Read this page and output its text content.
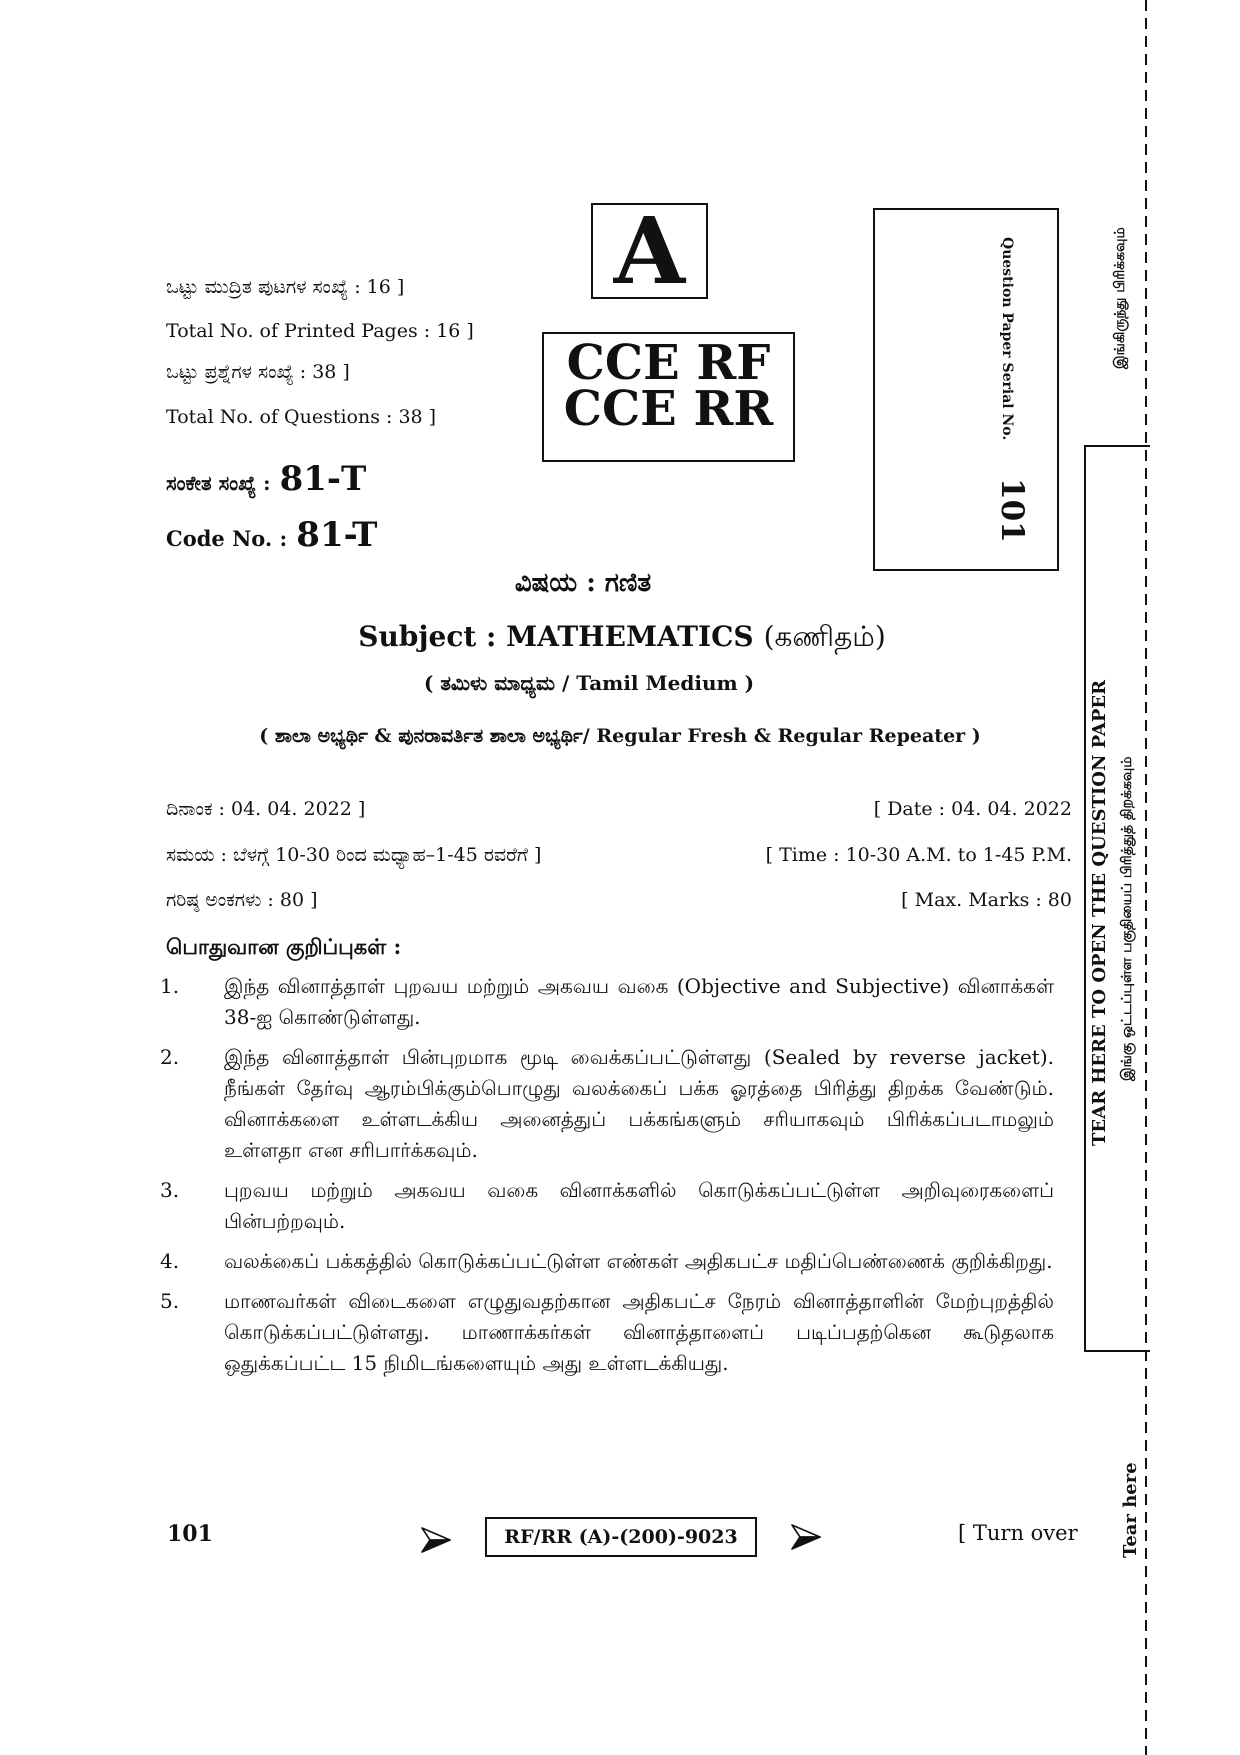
ಒಟ್ಟು ಮುದ್ರಿತ ಪುಟಗಳ ಸಂಖ್ಯೆ : 16 ]
Total No. of Printed Pages : 16 ]
ಒಟ್ಟು ಪ್ರಶ್ನೆಗಳ ಸಂಖ್ಯೆ : 38 ]
Total No. of Questions : 38 ]
ಸಂಕೇತ ಸಂಖ್ಯೆ : 81-T
Code No. : 81-T
A
CCE RF
CCE RR	Question Paper Serial No.
101
ವಿಷಯ : ಗಣಿತ
Subject : MATHEMATICS (கணிதம்)
( ತಮಿಳು ಮಾಧ್ಯಮ / Tamil Medium )
( ಶಾಲಾ ಅಭ್ಯರ್ಥಿ & ಪುನರಾವರ್ತಿತ ಶಾಲಾ ಅಭ್ಯರ್ಥಿ/ Regular Fresh & Regular Repeater )
ದಿನಾಂಕ : 04. 04. 2022 ]	[ Date : 04. 04. 2022
ಸಮಯ : ಬೆಳಗ್ಗೆ 10-30 ರಿಂದ ಮಧ್ಯಾಹ–1-45 ರವರೆಗೆ ]	[ Time : 10-30 A.M. to 1-45 P.M.
ಗರಿಷ್ಠ ಅಂಕಗಳು : 80 ]	[ Max. Marks : 80
பொதுவான குறிப்புகள் :
1.	இந்த வினாத்தாள் புறவய மற்றும் அகவய வகை (Objective and Subjective) வினாக்கள் 38-ஐ கொண்டுள்ளது.
2.	இந்த வினாத்தாள் பின்புறமாக மூடி வைக்கப்பட்டுள்ளது (Sealed by reverse jacket). நீங்கள் தேர்வு ஆரம்பிக்கும்பொழுது வலக்கைப் பக்க ஓரத்தை பிரித்து திறக்க வேண்டும். வினாக்களை உள்ளடக்கிய அனைத்துப் பக்கங்களும் சரியாகவும் பிரிக்கப்படாமலும் உள்ளதா என சரிபார்க்கவும்.
3.	புறவய மற்றும் அகவய வகை வினாக்களில் கொடுக்கப்பட்டுள்ள அறிவுரைகளைப் பின்பற்றவும்.
4.	வலக்கைப் பக்கத்தில் கொடுக்கப்பட்டுள்ள எண்கள் அதிகபட்ச மதிப்பெண்ணைக் குறிக்கிறது.
5.	மாணவர்கள் விடைகளை எழுதுவதற்கான அதிகபட்ச நேரம் வினாத்தாளின் மேற்புறத்தில் கொடுக்கப்பட்டுள்ளது. மாணாக்கர்கள் வினாத்தாளைப் படிப்பதற்கென கூடுதலாக ஒதுக்கப்பட்ட 15 நிமிடங்களையும் அது உள்ளடக்கியது.
101	RF/RR (A)-(200)-9023	[ Turn over
இங்கிருந்து பிரிக்கவும்
TEAR HERE TO OPEN THE QUESTION PAPER இங்கு ஒட்டப்புள்ள பகுதியைப் பிரித்துத் திறக்கவும்
Tear here
